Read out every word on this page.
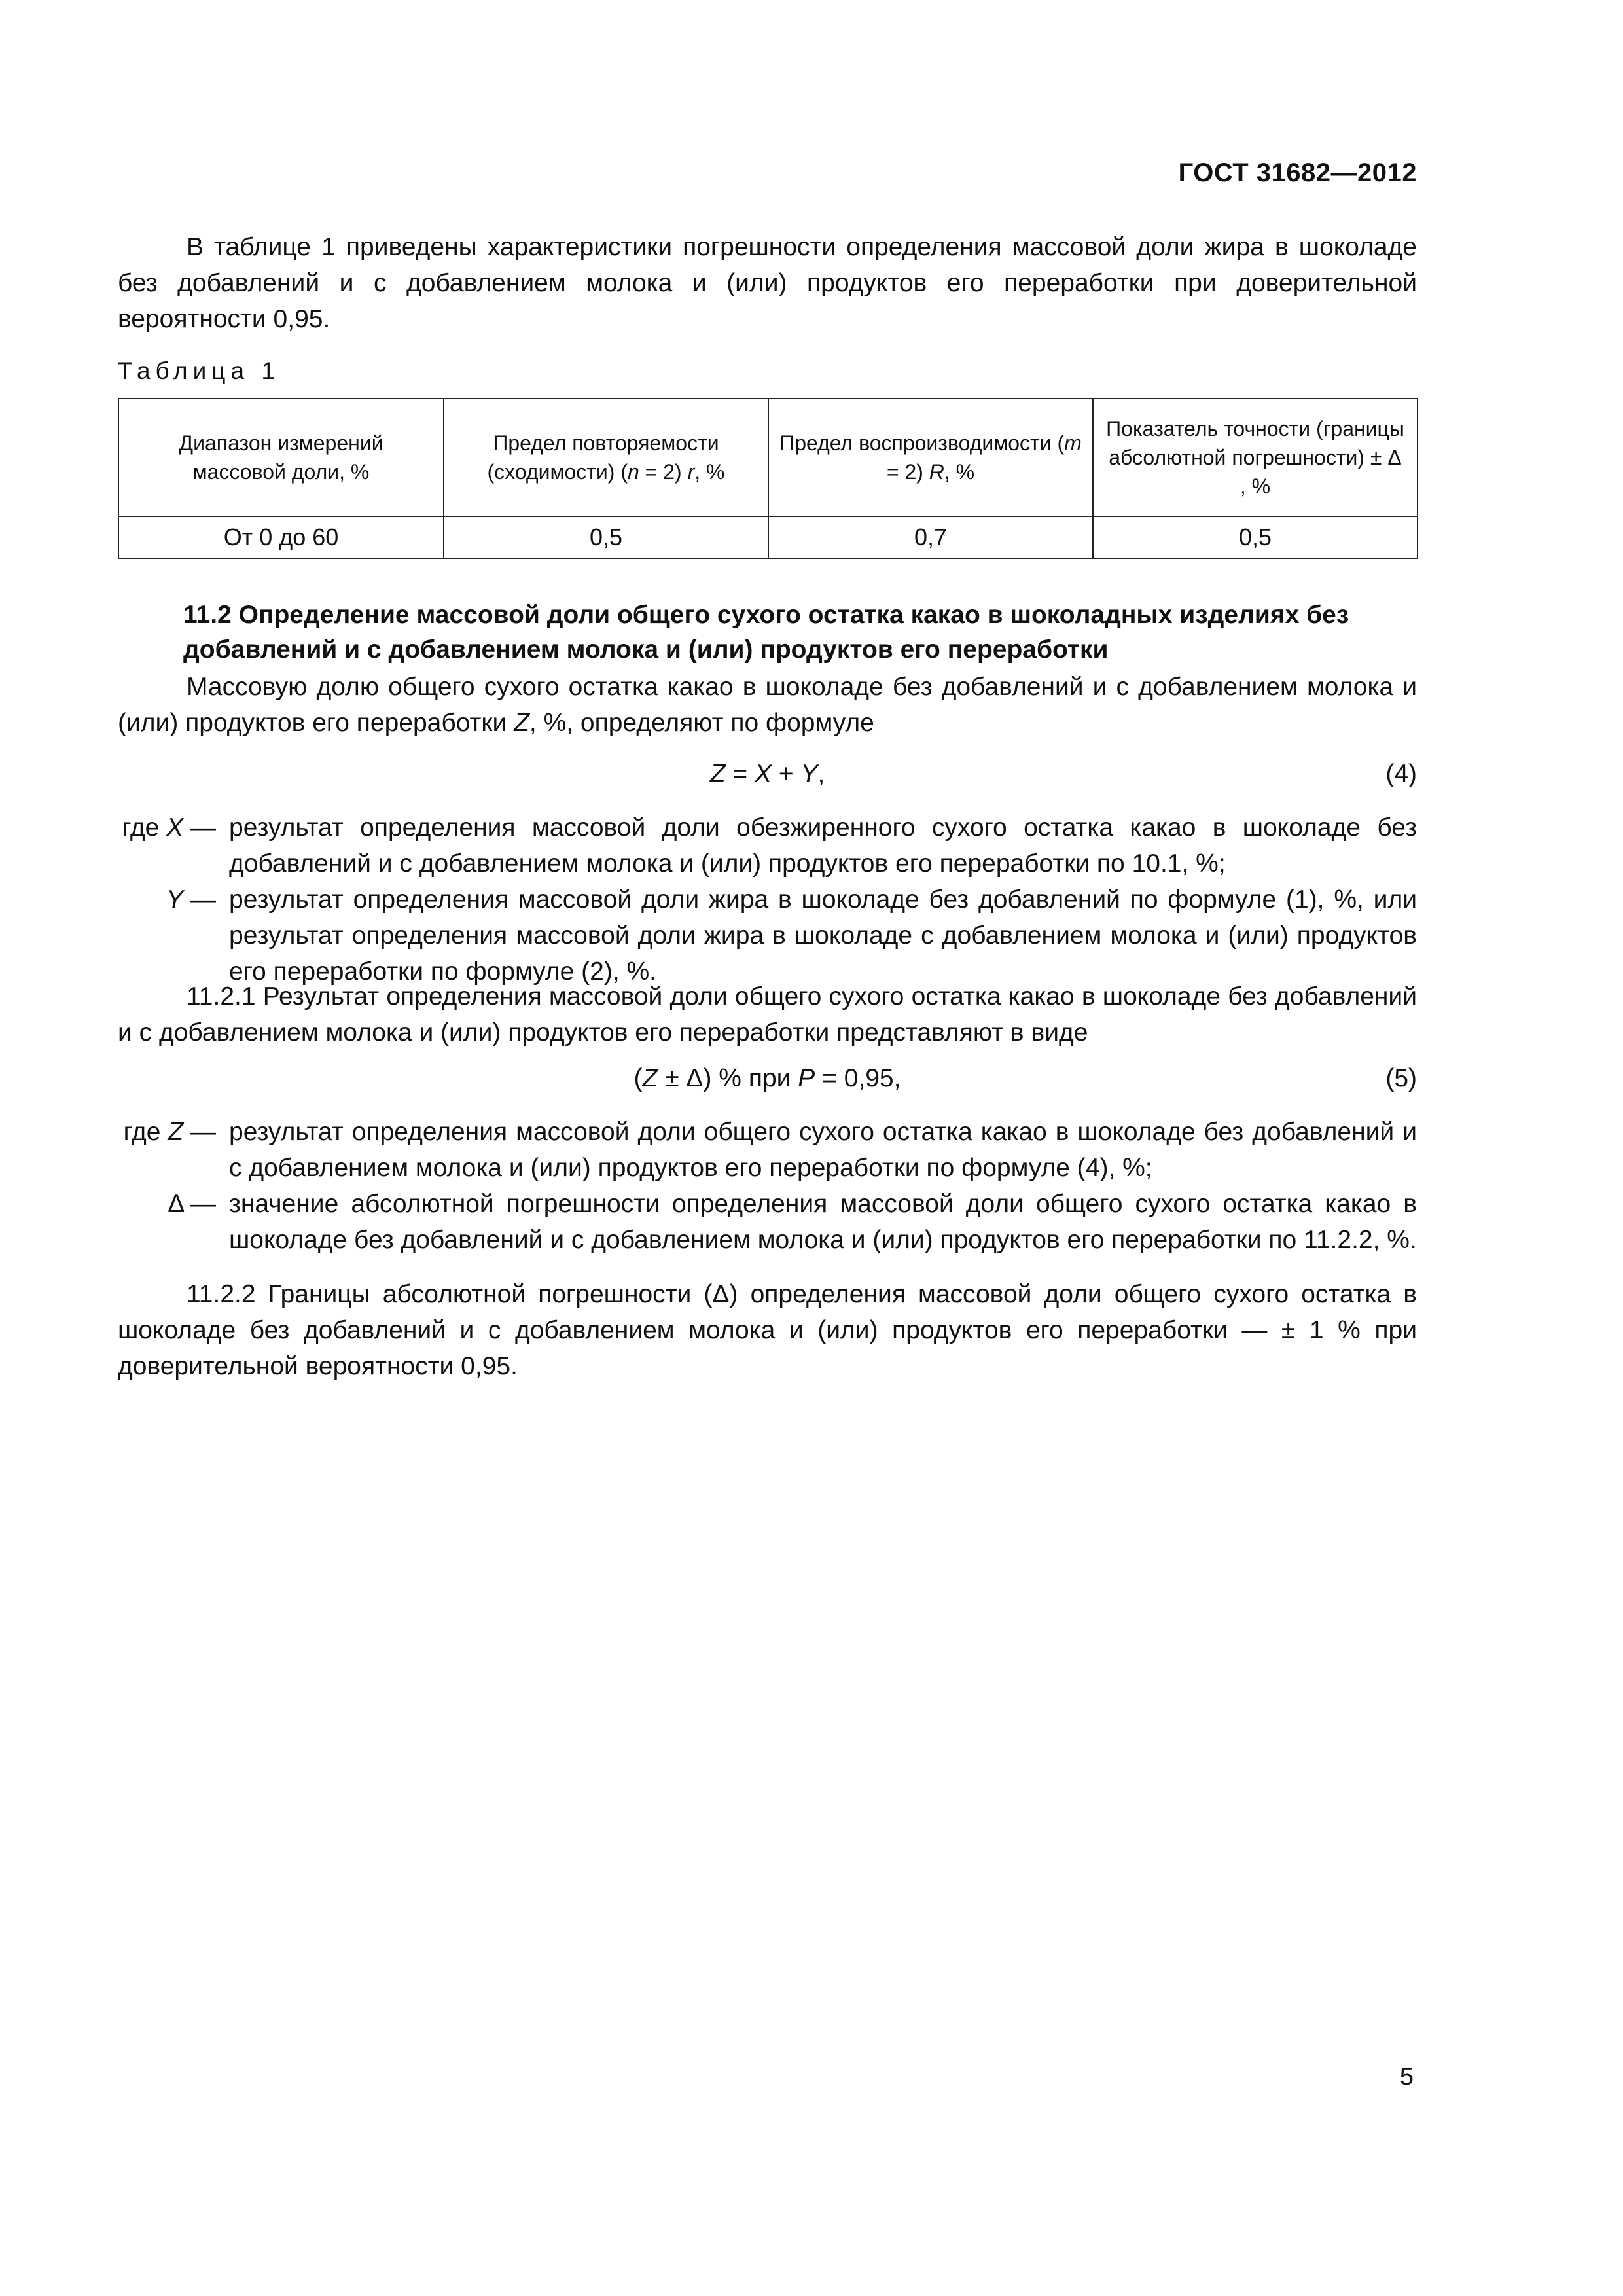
ГОСТ 31682—2012

В таблице 1 приведены характеристики погрешности определения массовой доли жира в шоколаде без добавлений и с добавлением молока и (или) продуктов его переработки при доверительной вероятности 0,95.

Таблица 1
Диапазон измерений массовой доли, %	Предел повторяемости (сходимости) (n = 2) r, %	Предел воспроизводимости (m = 2) R, %	Показатель точности (границы абсолютной погрешности) ± Δ , %
От 0 до 60	0,5	0,7	0,5
11.2 Определение массовой доли общего сухого остатка какао в шоколадных изделиях без добавлений и с добавлением молока и (или) продуктов его переработки

Массовую долю общего сухого остатка какао в шоколаде без добавлений и с добавлением молока и (или) продуктов его переработки Z, %, определяют по формуле

Z = X + Y,	(4)
где X — результат определения массовой доли обезжиренного сухого остатка какао в шоколаде без добавлений и с добавлением молока и (или) продуктов его переработки по 10.1, %;
Y — результат определения массовой доли жира в шоколаде без добавлений по формуле (1), %, или результат определения массовой доли жира в шоколаде с добавлением молока и (или) продуктов его переработки по формуле (2), %.

11.2.1 Результат определения массовой доли общего сухого остатка какао в шоколаде без добавлений и с добавлением молока и (или) продуктов его переработки представляют в виде

(Z ± Δ) % при P = 0,95,	(5)
где Z — результат определения массовой доли общего сухого остатка какао в шоколаде без добавлений и с добавлением молока и (или) продуктов его переработки по формуле (4), %;
Δ — значение абсолютной погрешности определения массовой доли общего сухого остатка какао в шоколаде без добавлений и с добавлением молока и (или) продуктов его переработки по 11.2.2, %.

11.2.2 Границы абсолютной погрешности (Δ) определения массовой доли общего сухого остатка в шоколаде без добавлений и с добавлением молока и (или) продуктов его переработки — ± 1 % при доверительной вероятности 0,95.

5
